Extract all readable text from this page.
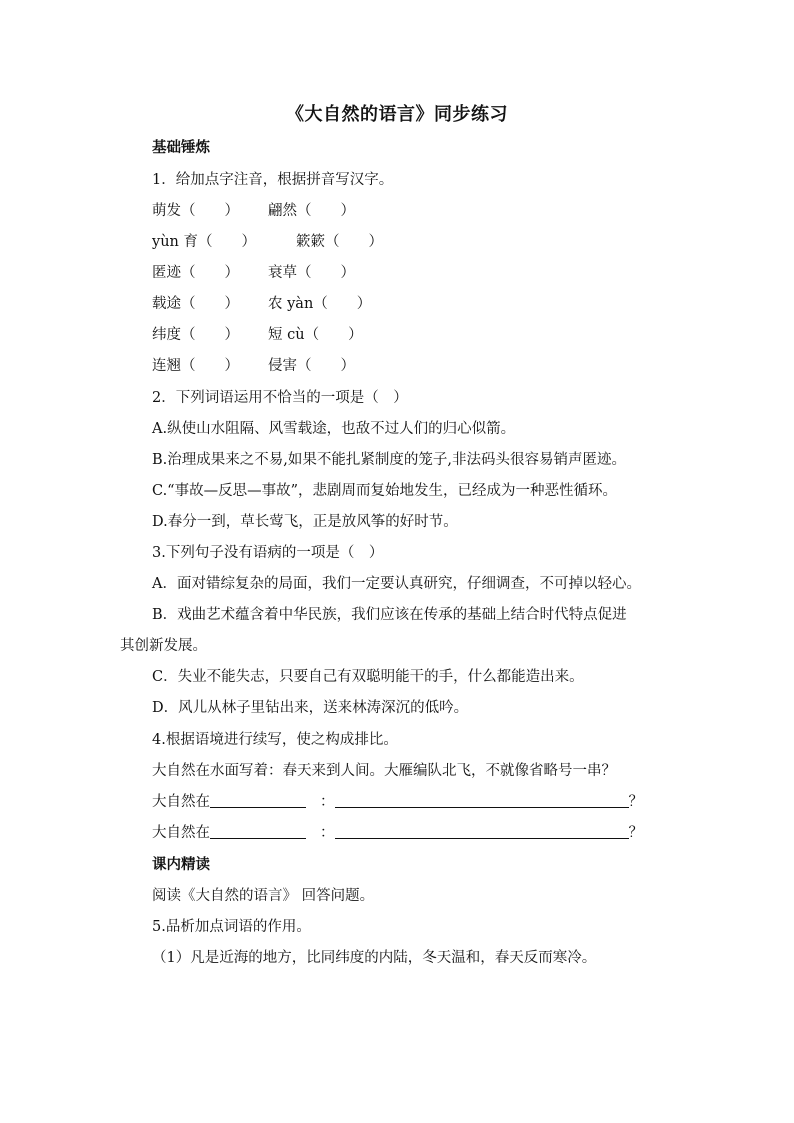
《大自然的语言》同步练习
基础锤炼
1．给加点字注音，根据拼音写汉字。
萌发（　　） 翩然（　　）
yùn 育（　　）	簌簌（　　）
匿迹（　　） 衰草（　　）
载途（　　） 农 yàn（　　）
纬度（　　） 短 cù（　　）
连翘（　　） 侵害（　　）
2．下列词语运用不恰当的一项是（　）
A.纵使山水阻隔、风雪载途，也敌不过人们的归心似箭。
B.治理成果来之不易,如果不能扎紧制度的笼子,非法码头很容易销声匿迹。
C.“事故—反思—事故”，悲剧周而复始地发生，已经成为一种恶性循环。
D.春分一到，草长莺飞，正是放风筝的好时节。
3.下列句子没有语病的一项是（　）
A．面对错综复杂的局面，我们一定要认真研究，仔细调查，不可掉以轻心。
B．戏曲艺术蕴含着中华民族，我们应该在传承的基础上结合时代特点促进
其创新发展。
C．失业不能失志，只要自己有双聪明能干的手，什么都能造出来。
D．风儿从林子里钻出来，送来林涛深沉的低吟。
4.根据语境进行续写，使之构成排比。
大自然在水面写着：春天来到人间。大雁编队北飞，不就像省略号一串？
大自然在	：	？
大自然在	：	？
课内精读
阅读《大自然的语言》 回答问题。
5.品析加点词语的作用。
（1）凡是近海的地方，比同纬度的内陆，冬天温和，春天反而寒冷。
